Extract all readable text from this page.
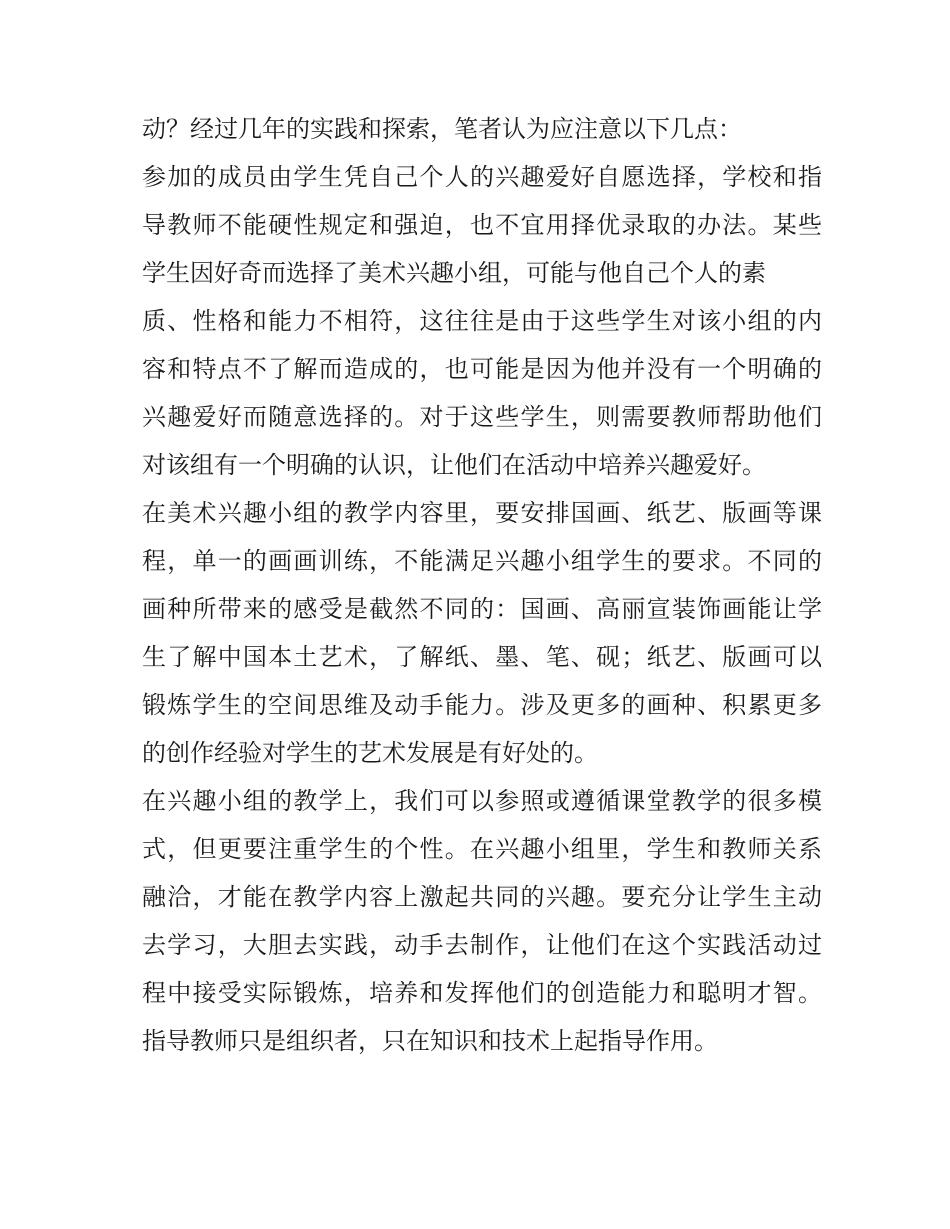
动？经过几年的实践和探索，笔者认为应注意以下几点：
参加的成员由学生凭自己个人的兴趣爱好自愿选择，学校和指
导教师不能硬性规定和强迫，也不宜用择优录取的办法。某些
学生因好奇而选择了美术兴趣小组，可能与他自己个人的素
质、性格和能力不相符，这往往是由于这些学生对该小组的内
容和特点不了解而造成的，也可能是因为他并没有一个明确的
兴趣爱好而随意选择的。对于这些学生，则需要教师帮助他们
对该组有一个明确的认识，让他们在活动中培养兴趣爱好。
在美术兴趣小组的教学内容里，要安排国画、纸艺、版画等课
程，单一的画画训练，不能满足兴趣小组学生的要求。不同的
画种所带来的感受是截然不同的：国画、高丽宣装饰画能让学
生了解中国本土艺术，了解纸、墨、笔、砚；纸艺、版画可以
锻炼学生的空间思维及动手能力。涉及更多的画种、积累更多
的创作经验对学生的艺术发展是有好处的。
在兴趣小组的教学上，我们可以参照或遵循课堂教学的很多模
式，但更要注重学生的个性。在兴趣小组里，学生和教师关系
融洽，才能在教学内容上激起共同的兴趣。要充分让学生主动
去学习，大胆去实践，动手去制作，让他们在这个实践活动过
程中接受实际锻炼，培养和发挥他们的创造能力和聪明才智。
指导教师只是组织者，只在知识和技术上起指导作用。
